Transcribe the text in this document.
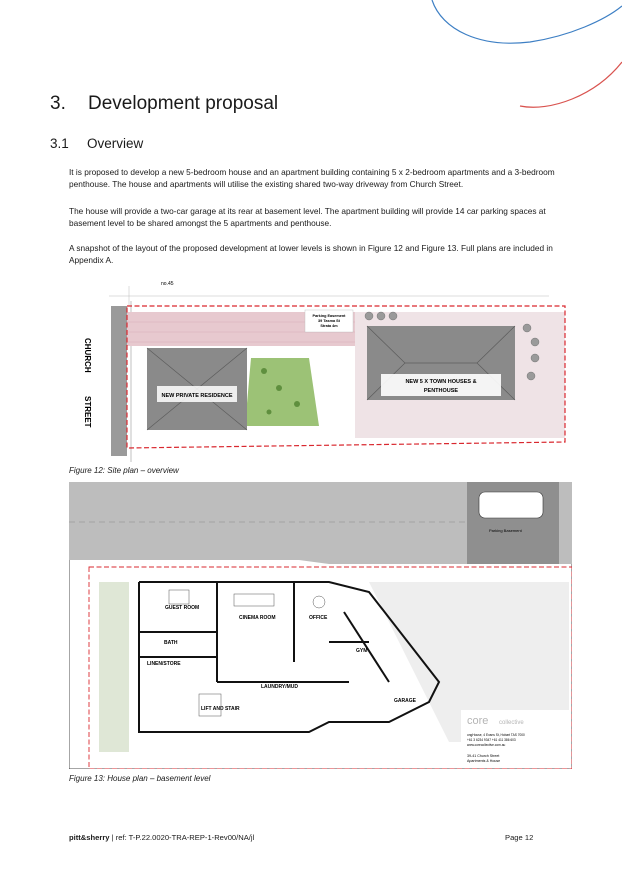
3. Development proposal
3.1 Overview
It is proposed to develop a new 5-bedroom house and an apartment building containing 5 x 2-bedroom apartments and a 3-bedroom penthouse. The house and apartments will utilise the existing shared two-way driveway from Church Street.
The house will provide a two-car garage at its rear at basement level. The apartment building will provide 14 car parking spaces at basement level to be shared amongst the 5 apartments and penthouse.
A snapshot of the layout of the proposed development at lower levels is shown in Figure 12 and Figure 13. Full plans are included in Appendix A.
NEW PRIVATE RESIDENCE
NEW 5 X TOWN HOUSES &
PENTHOUSE
Parking Easement
39 Tasma St
Strata 4m
no.45
CHURCH
STREET
Figure 12: Site plan – overview
Parking Basement
GUEST ROOM
CINEMA ROOM	OFFICE
BATH
LINEN/STORE
GYM
LAUNDRY/MUD
LIFT AND STAIR
GARAGE
core collective
ongHouse, 4 Evans St, Hobart TAS 7000
+61 3 6234 9347 +61 411 386 603
www.corecollective.com.au
39-41 Church Street
Apartments & House
Figure 13: House plan – basement level
pitt&sherry | ref: T-P.22.0020-TRA-REP-1-Rev00/NA/jl	Page 12
